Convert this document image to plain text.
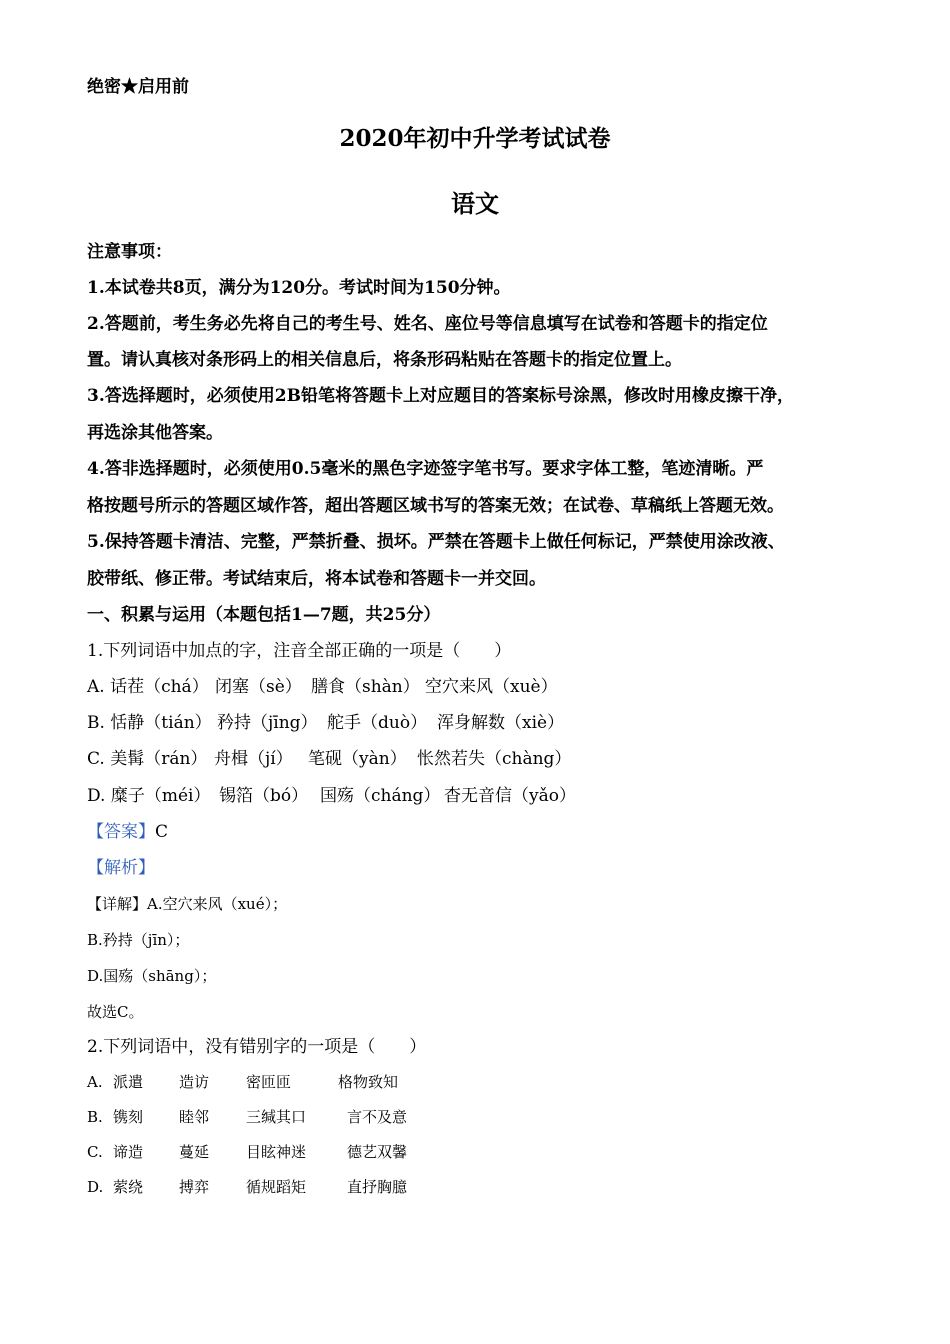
绝密★启用前
2020年初中升学考试试卷
语文
注意事项：
1.本试卷共8页，满分为120分。考试时间为150分钟。
2.答题前，考生务必先将自己的考生号、姓名、座位号等信息填写在试卷和答题卡的指定位
置。请认真核对条形码上的相关信息后，将条形码粘贴在答题卡的指定位置上。
3.答选择题时，必须使用2B铅笔将答题卡上对应题目的答案标号涂黑，修改时用橡皮擦干净，
再选涂其他答案。
4.答非选择题时，必须使用0.5毫米的黑色字迹签字笔书写。要求字体工整，笔迹清晰。严
格按题号所示的答题区域作答，超出答题区域书写的答案无效；在试卷、草稿纸上答题无效。
5.保持答题卡清洁、完整，严禁折叠、损坏。严禁在答题卡上做任何标记，严禁使用涂改液、
胶带纸、修正带。考试结束后，将本试卷和答题卡一并交回。
一、积累与运用（本题包括1—7题，共25分）
1.下列词语中加点的字，注音全部正确的一项是（　　）
A. 话茬（chá） 闭塞（sè） 膳食（shàn） 空穴来风（xuè）
B. 恬静（tián） 矜持（jīng） 舵手（duò） 浑身解数（xiè）
C. 美髯（rán） 舟楫（jí） 笔砚（yàn） 怅然若失（chàng）
D. 糜子（méi） 锡箔（bó） 国殇（cháng） 杳无音信（yǎo）
【答案】C
【解析】
【详解】A.空穴来风（xué）；
B.矜持（jīn）；
D.国殇（shāng）；
故选C。
2.下列词语中，没有错别字的一项是（　　）
A. 派遣 造访 密匝匝	格物致知
B. 镌刻 睦邻 三缄其口	言不及意
C. 谛造 蔓延 目眩神迷	德艺双馨
D. 萦绕 搏弈 循规蹈矩	直抒胸臆
